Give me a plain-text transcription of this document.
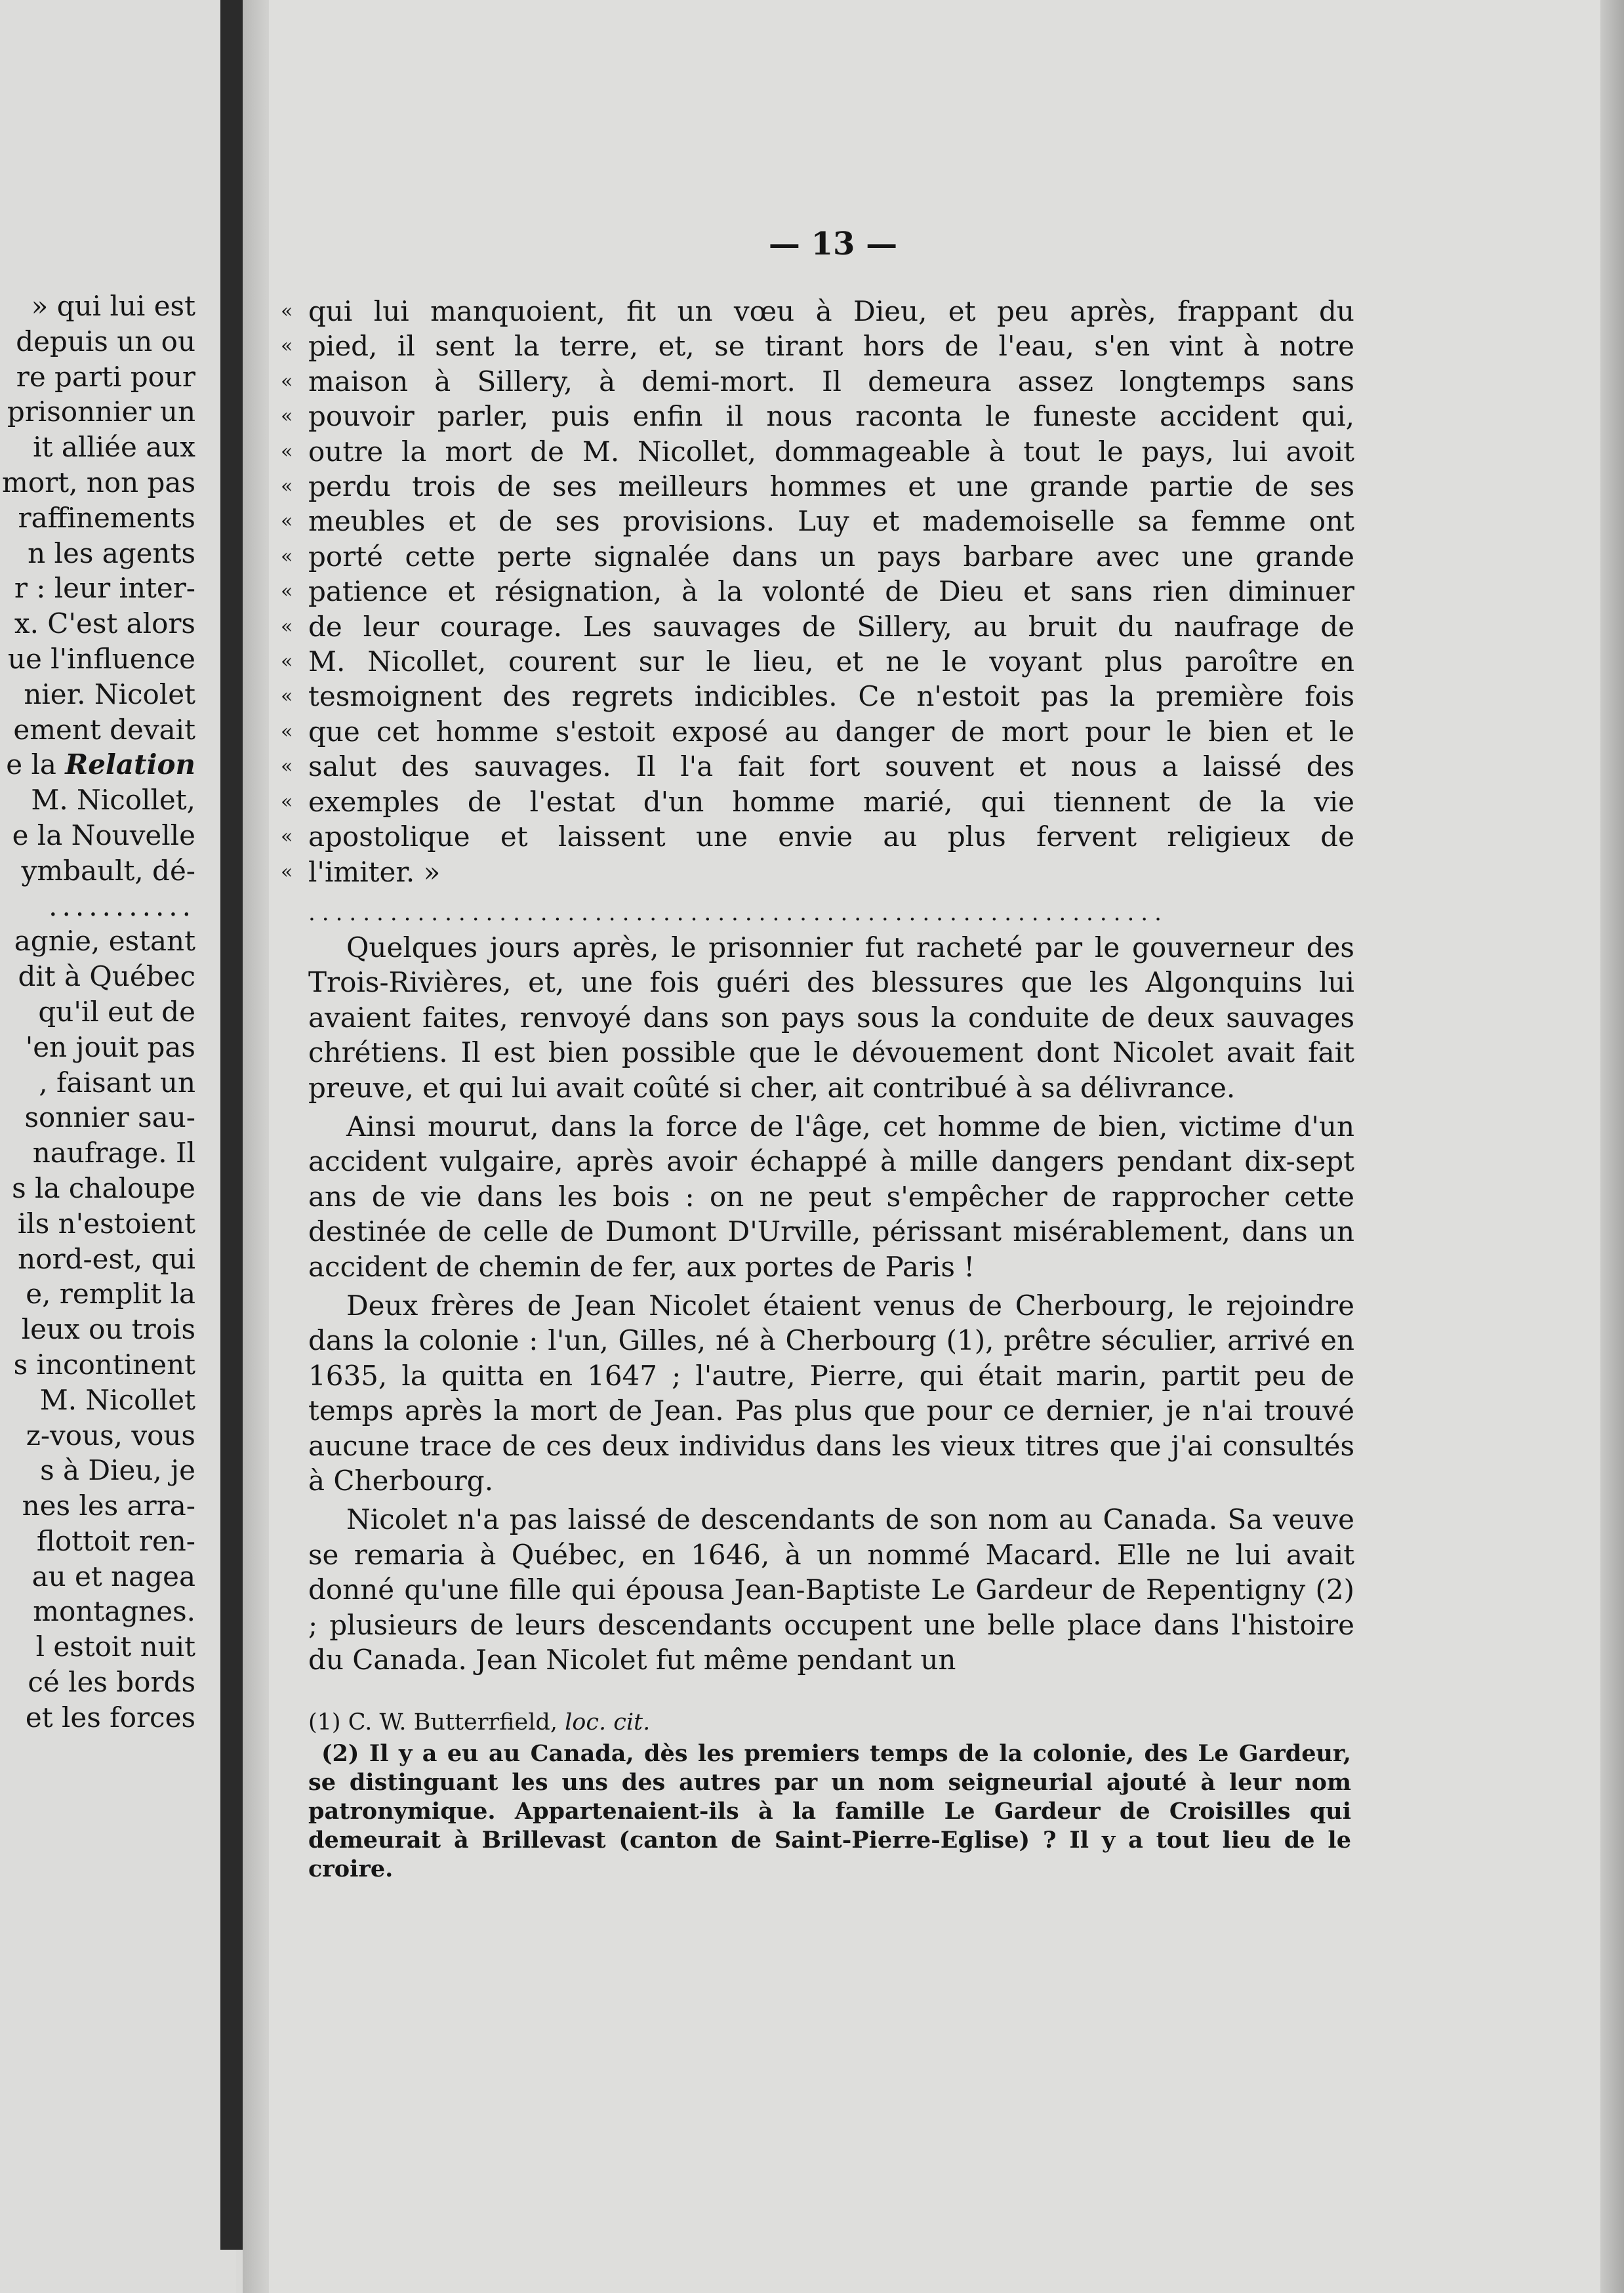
» qui lui est
depuis un ou
re parti pour
prisonnier un
it alliée aux
mort, non pas
raffinements
n les agents
r : leur inter-
x. C'est alors
ue l'influence
nier. Nicolet
ement devait
e la Relation
M. Nicollet,
e la Nouvelle
ymbault, dé-
...........
agnie, estant
dit à Québec
qu'il eut de
'en jouit pas
, faisant un
sonnier sau-
naufrage. Il
s la chaloupe
ils n'estoient
nord-est, qui
e, remplit la
leux ou trois
s incontinent
M. Nicollet
z-vous, vous
s à Dieu, je
nes les arra-
flottoit ren-
au et nagea
montagnes.
l estoit nuit
cé les bords
et les forces
— 13 —
« qui lui manquoient, fit un vœu à Dieu, et peu après, frappant du
« pied, il sent la terre, et, se tirant hors de l'eau, s'en vint à notre
« maison à Sillery, à demi-mort. Il demeura assez longtemps sans
« pouvoir parler, puis enfin il nous raconta le funeste accident qui,
« outre la mort de M. Nicollet, dommageable à tout le pays, lui avoit
« perdu trois de ses meilleurs hommes et une grande partie de ses
« meubles et de ses provisions. Luy et mademoiselle sa femme ont
« porté cette perte signalée dans un pays barbare avec une grande
« patience et résignation, à la volonté de Dieu et sans rien diminuer
« de leur courage. Les sauvages de Sillery, au bruit du naufrage de
« M. Nicollet, courent sur le lieu, et ne le voyant plus paroître en
« tesmoignent des regrets indicibles. Ce n'estoit pas la première fois
« que cet homme s'estoit exposé au danger de mort pour le bien et le
« salut des sauvages. Il l'a fait fort souvent et nous a laissé des
« exemples de l'estat d'un homme marié, qui tiennent de la vie
« apostolique et laissent une envie au plus fervent religieux de
« l'imiter. »
...............................................................

Quelques jours après, le prisonnier fut racheté par le gouverneur des Trois-Rivières, et, une fois guéri des blessures que les Algonquins lui avaient faites, renvoyé dans son pays sous la conduite de deux sauvages chrétiens. Il est bien possible que le dévouement dont Nicolet avait fait preuve, et qui lui avait coûté si cher, ait contribué à sa délivrance.

Ainsi mourut, dans la force de l'âge, cet homme de bien, victime d'un accident vulgaire, après avoir échappé à mille dangers pendant dix-sept ans de vie dans les bois : on ne peut s'empêcher de rapprocher cette destinée de celle de Dumont D'Urville, périssant misérablement, dans un accident de chemin de fer, aux portes de Paris !

Deux frères de Jean Nicolet étaient venus de Cherbourg, le rejoindre dans la colonie : l'un, Gilles, né à Cherbourg (1), prêtre séculier, arrivé en 1635, la quitta en 1647 ; l'autre, Pierre, qui était marin, partit peu de temps après la mort de Jean. Pas plus que pour ce dernier, je n'ai trouvé aucune trace de ces deux individus dans les vieux titres que j'ai consultés à Cherbourg.

Nicolet n'a pas laissé de descendants de son nom au Canada. Sa veuve se remaria à Québec, en 1646, à un nommé Macard. Elle ne lui avait donné qu'une fille qui épousa Jean-Baptiste Le Gardeur de Repentigny (2) ; plusieurs de leurs descendants occupent une belle place dans l'histoire du Canada. Jean Nicolet fut même pendant un

(1) C. W. Butterrfield, loc. cit.

(2) Il y a eu au Canada, dès les premiers temps de la colonie, des Le Gardeur, se distinguant les uns des autres par un nom seigneurial ajouté à leur nom patronymique. Appartenaient-ils à la famille Le Gardeur de Croisilles qui demeurait à Brillevast (canton de Saint-Pierre-Eglise) ? Il y a tout lieu de le croire.
